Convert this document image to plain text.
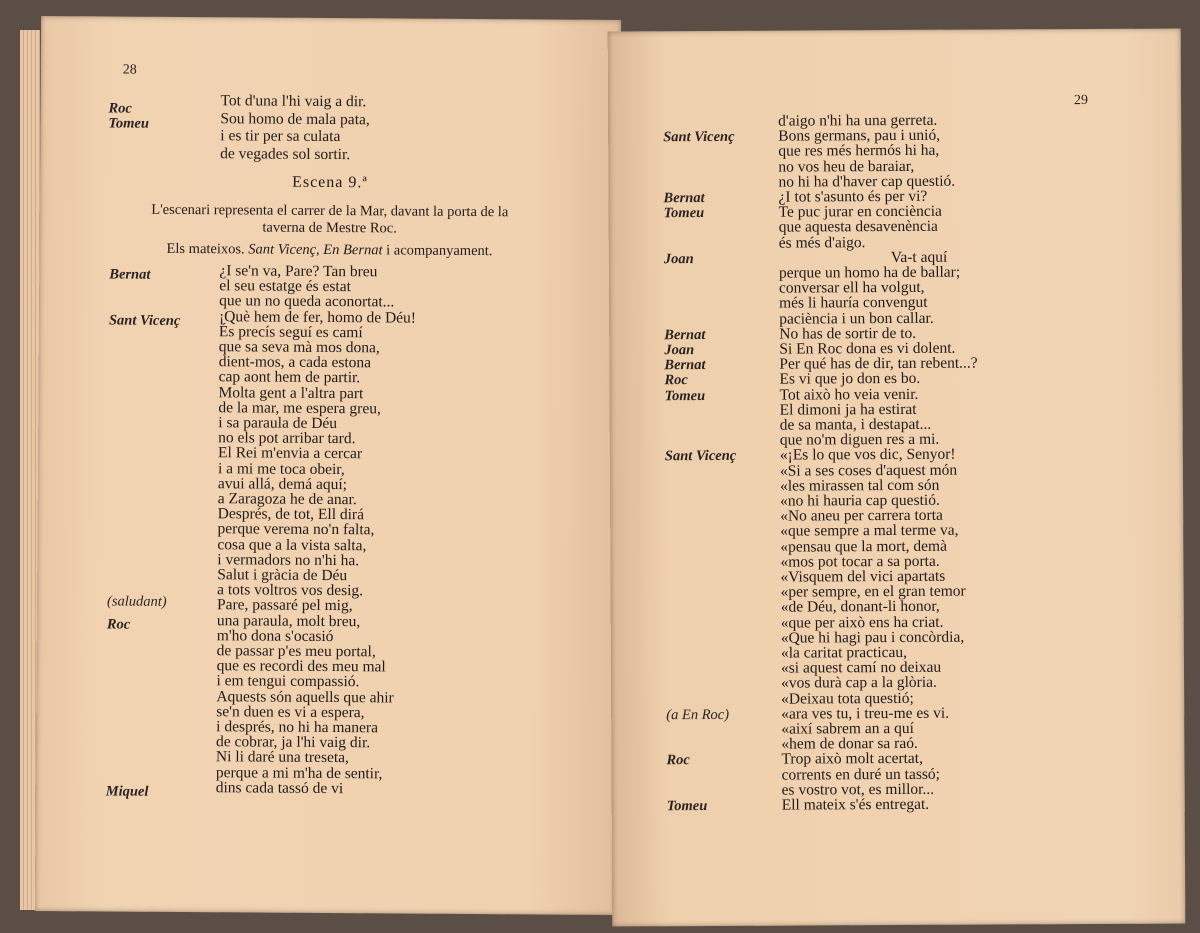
28
Tot d'una l'hi vaig a dir.
Sou homo de mala pata,
i es tir per sa culata
de vegades sol sortir.
Roc
Tomeu
Escena 9.ª
L'escenari representa el carrer de la Mar, davant la porta de la
taverna de Mestre Roc.
Els mateixos. Sant Vicenç, En Bernat i acompanyament.
¿I se'n va, Pare? Tan breu
el seu estatge és estat
que un no queda aconortat...
¡Què hem de fer, homo de Déu!
És precís seguí es camí
que sa seva mà mos dona,
dient-mos, a cada estona
cap aont hem de partir.
Molta gent a l'altra part
de la mar, me espera greu,
i sa paraula de Déu
no els pot arribar tard.
El Rei m'envia a cercar
i a mi me toca obeir,
avui allá, demá aquí;
a Zaragoza he de anar.
Després, de tot, Ell dirá
perque verema no'n falta,
cosa que a la vista salta,
i vermadors no n'hi ha.
Salut i gràcia de Déu
a tots voltros vos desig.
Pare, passaré pel mig,
una paraula, molt breu,
m'ho dona s'ocasió
de passar p'es meu portal,
que es recordi des meu mal
i em tengui compassió.
Aquests són aquells que ahir
se'n duen es vi a espera,
i després, no hi ha manera
de cobrar, ja l'hi vaig dir.
Ni li daré una treseta,
perque a mi m'ha de sentir,
dins cada tassó de vi
Bernat
Sant Vicenç
(saludant)
Roc
Miquel
29
d'aigo n'hi ha una gerreta.
Bons germans, pau i unió,
que res més hermós hi ha,
no vos heu de baraiar,
no hi ha d'haver cap questió.
¿I tot s'asunto és per vi?
Te puc jurar en conciència
que aquesta desavenència
és més d'aigo.
Va-t aquí
perque un homo ha de ballar;
conversar ell ha volgut,
més li hauría convengut
paciència i un bon callar.
No has de sortir de to.
Si En Roc dona es vi dolent.
Per qué has de dir, tan rebent...?
Es vi que jo don es bo.
Tot això ho veia venir.
El dimoni ja ha estirat
de sa manta, i destapat...
que no'm diguen res a mi.
«¡Es lo que vos dic, Senyor!
«Si a ses coses d'aquest món
«les mirassen tal com són
«no hi hauria cap questió.
«No aneu per carrera torta
«que sempre a mal terme va,
«pensau que la mort, demà
«mos pot tocar a sa porta.
«Visquem del vici apartats
«per sempre, en el gran temor
«de Déu, donant-li honor,
«que per això ens ha criat.
«Que hi hagi pau i concòrdia,
«la caritat practicau,
«si aquest camí no deixau
«vos durà cap a la glòria.
«Deixau tota questió;
«ara ves tu, i treu-me es vi.
«així sabrem an a quí
«hem de donar sa raó.
Trop això molt acertat,
corrents en duré un tassó;
es vostro vot, es millor...
Ell mateix s'és entregat.
Sant Vicenç
Bernat
Tomeu
Joan
Bernat
Joan
Bernat
Roc
Tomeu
Sant Vicenç
(a En Roc)
Roc
Tomeu
